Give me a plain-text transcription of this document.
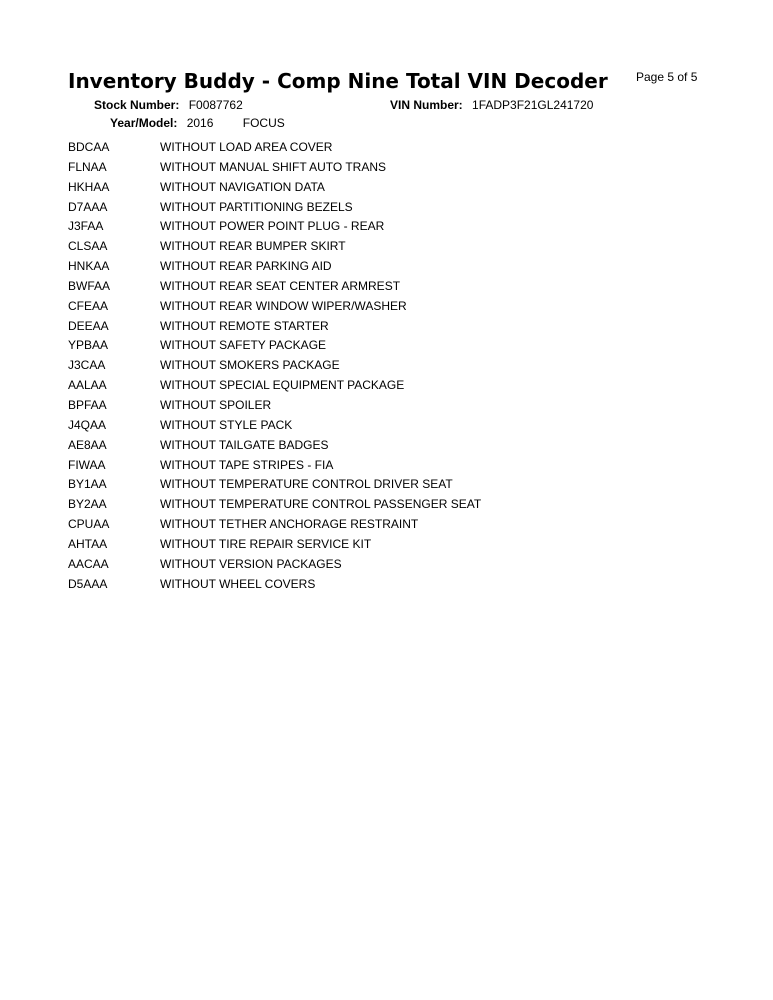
Inventory Buddy - Comp Nine Total VIN Decoder Page 5 of 5
Stock Number: F0087762	VIN Number: 1FADP3F21GL241720
Year/Model: 2016 FOCUS
BDCAA	WITHOUT LOAD AREA COVER
FLNAA	WITHOUT MANUAL SHIFT AUTO TRANS
HKHAA	WITHOUT NAVIGATION DATA
D7AAA	WITHOUT PARTITIONING BEZELS
J3FAA	WITHOUT POWER POINT PLUG - REAR
CLSAA	WITHOUT REAR BUMPER SKIRT
HNKAA	WITHOUT REAR PARKING AID
BWFAA	WITHOUT REAR SEAT CENTER ARMREST
CFEAA	WITHOUT REAR WINDOW WIPER/WASHER
DEEAA	WITHOUT REMOTE STARTER
YPBAA	WITHOUT SAFETY PACKAGE
J3CAA	WITHOUT SMOKERS PACKAGE
AALAA	WITHOUT SPECIAL EQUIPMENT PACKAGE
BPFAA	WITHOUT SPOILER
J4QAA	WITHOUT STYLE PACK
AE8AA	WITHOUT TAILGATE BADGES
FIWAA	WITHOUT TAPE STRIPES - FIA
BY1AA	WITHOUT TEMPERATURE CONTROL DRIVER SEAT
BY2AA	WITHOUT TEMPERATURE CONTROL PASSENGER SEAT
CPUAA	WITHOUT TETHER ANCHORAGE RESTRAINT
AHTAA	WITHOUT TIRE REPAIR SERVICE KIT
AACAA	WITHOUT VERSION PACKAGES
D5AAA	WITHOUT WHEEL COVERS
